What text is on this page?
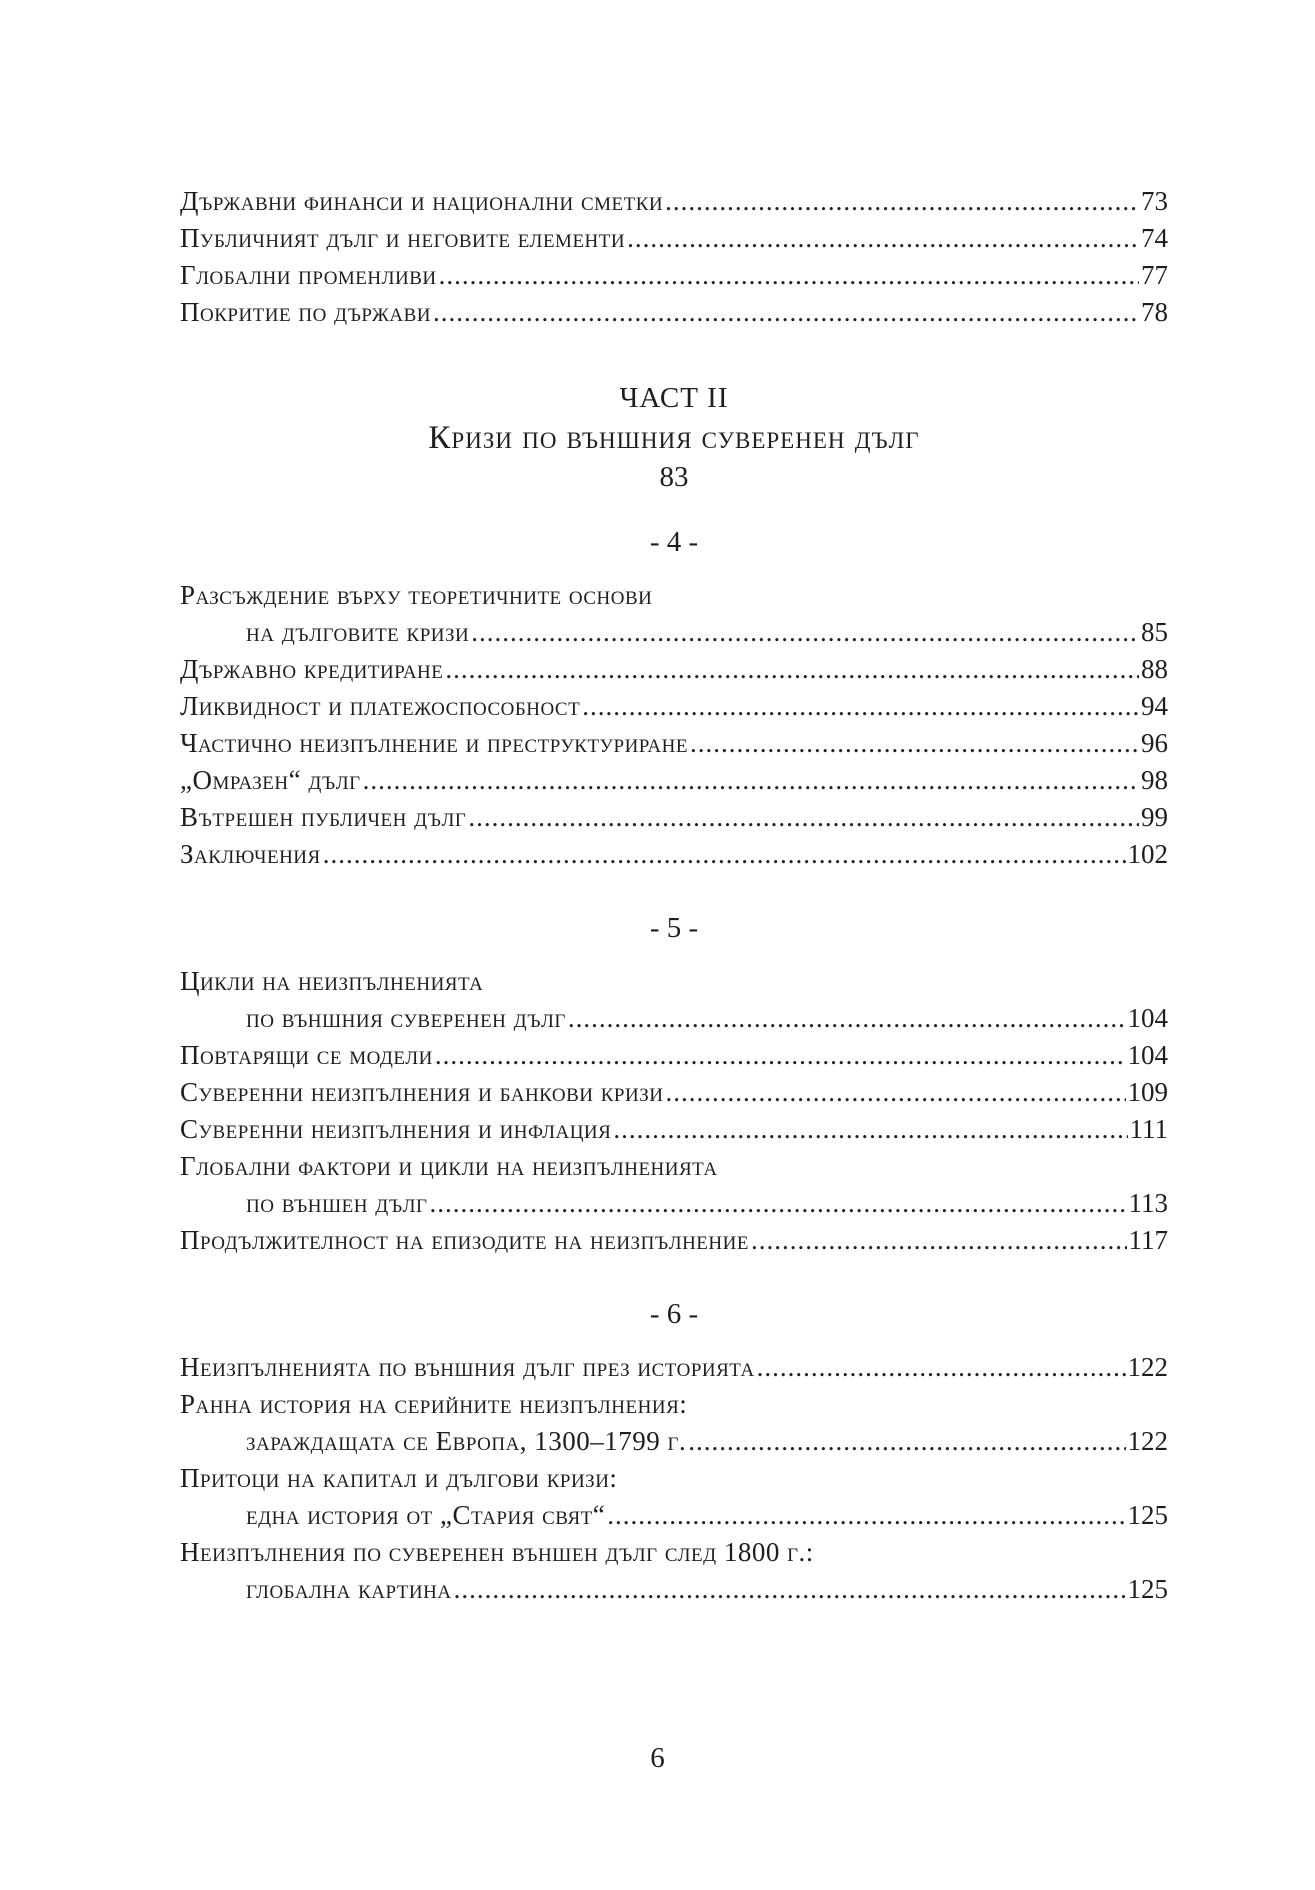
Държавни финанси и национални сметки .....	73
Публичният дълг и неговите елементи .....	74
Глобални променливи .....	77
Покритие по държави .....	78
ЧАСТ II
Кризи по външния суверенен дълг
83
- 4 -
Разсъждение върху теоретичните основи
на дълговите кризи .....	85
Държавно кредитиране .....	88
Ликвидност и платежоспособност .....	94
Частично неизпълнение и преструктуриране .....	96
„Омразен“ дълг .....	98
Вътрешен публичен дълг .....	99
Заключения .....	102
- 5 -
Цикли на неизпълненията
по външния суверенен дълг .....	104
Повтарящи се модели .....	104
Суверенни неизпълнения и банкови кризи .....	109
Суверенни неизпълнения и инфлация .....	111
Глобални фактори и цикли на неизпълненията
по външен дълг .....	113
Продължителност на епизодите на неизпълнение .....	117
- 6 -
Неизпълненията по външния дълг през историята .....	122
Ранна история на серийните неизпълнения:
зараждащата се Европа, 1300–1799 г. .....	122
Притоци на капитал и дългови кризи:
една история от „Стария свят“ .....	125
Неизпълнения по суверенен външен дълг след 1800 г.:
глобална картина .....	125
6
